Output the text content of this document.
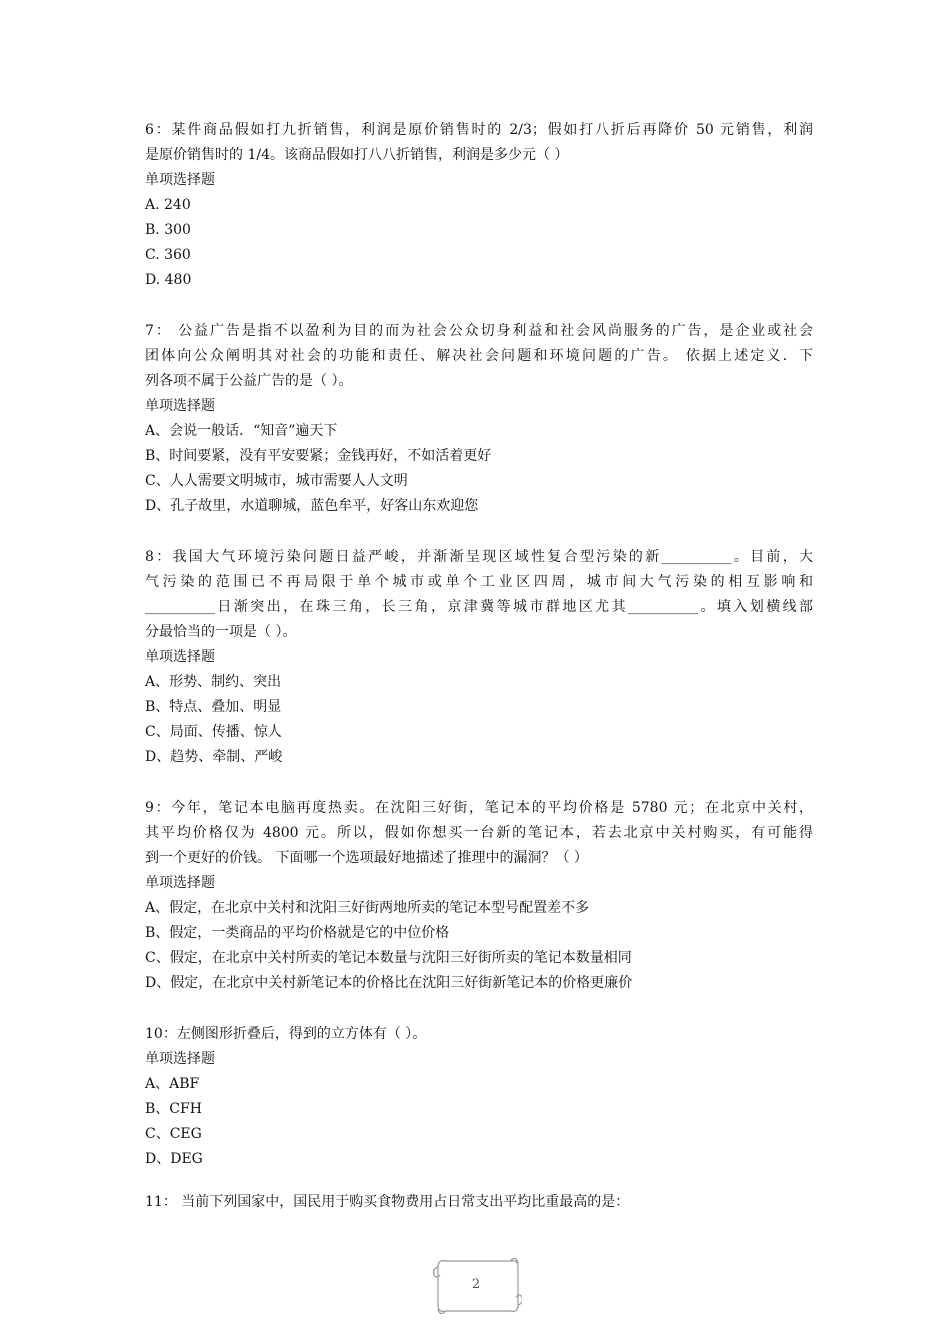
6：某件商品假如打九折销售，利润是原价销售时的 2/3；假如打八折后再降价 50 元销售，利润
是原价销售时的 1/4。该商品假如打八八折销售，利润是多少元（ ）
单项选择题
A. 240
B. 300
C. 360
D. 480
7： 公益广告是指不以盈利为目的而为社会公众切身利益和社会风尚服务的广告，是企业或社会
团体向公众阐明其对社会的功能和责任、解决社会问题和环境问题的广告。 依据上述定义．下
列各项不属于公益广告的是（ ）。
单项选择题
A、会说一般话．“知音”遍天下
B、时间要紧，没有平安要紧；金钱再好，不如活着更好
C、人人需要文明城市，城市需要人人文明
D、孔子故里，水道聊城，蓝色牟平，好客山东欢迎您
8：我国大气环境污染问题日益严峻，并渐渐呈现区域性复合型污染的新__________。目前，大
气污染的范围已不再局限于单个城市或单个工业区四周，城市间大气污染的相互影响和
__________日渐突出，在珠三角，长三角，京津冀等城市群地区尤其__________。填入划横线部
分最恰当的一项是（ ）。
单项选择题
A、形势、制约、突出
B、特点、叠加、明显
C、局面、传播、惊人
D、趋势、牵制、严峻
9：今年，笔记本电脑再度热卖。在沈阳三好街，笔记本的平均价格是 5780 元；在北京中关村，
其平均价格仅为 4800 元。所以，假如你想买一台新的笔记本，若去北京中关村购买，有可能得
到一个更好的价钱。 下面哪一个选项最好地描述了推理中的漏洞？（ ）
单项选择题
A、假定，在北京中关村和沈阳三好街两地所卖的笔记本型号配置差不多
B、假定，一类商品的平均价格就是它的中位价格
C、假定，在北京中关村所卖的笔记本数量与沈阳三好街所卖的笔记本数量相同
D、假定，在北京中关村新笔记本的价格比在沈阳三好街新笔记本的价格更廉价
10：左侧图形折叠后，得到的立方体有（ ）。
单项选择题
A、ABF
B、CFH
C、CEG
D、DEG
11： 当前下列国家中，国民用于购买食物费用占日常支出平均比重最高的是：
2
